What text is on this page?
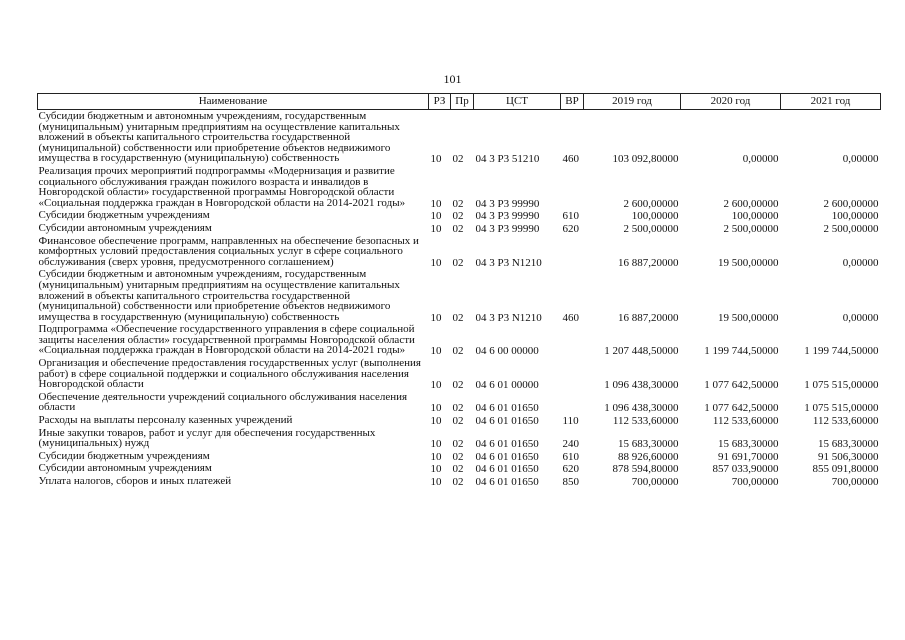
101
Наименование	РЗ	Пр	ЦСТ	ВР	2019 год	2020 год	2021 год
Субсидии бюджетным и автономным учреждениям, государственным (муниципальным) унитарным предприятиям на осуществление капитальных вложений в объекты капитального строительства государственной (муниципальной) собственности или приобретение объектов недвижимого имущества в государственную (муниципальную) собственность	10	02	04 3 Р3 51210	460	103 092,80000	0,00000	0,00000
Реализация прочих мероприятий подпрограммы «Модернизация и развитие социального обслуживания граждан пожилого возраста и инвалидов в Новгородской области» государственной программы Новгородской области «Социальная поддержка граждан в Новгородской области на 2014-2021 годы»	10	02	04 3 Р3 99990		2 600,00000	2 600,00000	2 600,00000
Субсидии бюджетным учреждениям	10	02	04 3 Р3 99990	610	100,00000	100,00000	100,00000
Субсидии автономным учреждениям	10	02	04 3 Р3 99990	620	2 500,00000	2 500,00000	2 500,00000
Финансовое обеспечение программ, направленных на обеспечение безопасных и комфортных условий предоставления социальных услуг в сфере социального обслуживания (сверх уровня, предусмотренного соглашением)	10	02	04 3 Р3 N1210		16 887,20000	19 500,00000	0,00000
Субсидии бюджетным и автономным учреждениям, государственным (муниципальным) унитарным предприятиям на осуществление капитальных вложений в объекты капитального строительства государственной (муниципальной) собственности или приобретение объектов недвижимого имущества в государственную (муниципальную) собственность	10	02	04 3 Р3 N1210	460	16 887,20000	19 500,00000	0,00000
Подпрограмма «Обеспечение государственного управления в сфере социальной защиты населения области» государственной программы Новгородской области «Социальная поддержка граждан в Новгородской области на 2014-2021 годы»	10	02	04 6 00 00000		1 207 448,50000	1 199 744,50000	1 199 744,50000
Организация и обеспечение предоставления государственных услуг (выполнения работ) в сфере социальной поддержки и социального обслуживания населения Новгородской области	10	02	04 6 01 00000		1 096 438,30000	1 077 642,50000	1 075 515,00000
Обеспечение деятельности учреждений социального обслуживания населения области	10	02	04 6 01 01650		1 096 438,30000	1 077 642,50000	1 075 515,00000
Расходы на выплаты персоналу казенных учреждений	10	02	04 6 01 01650	110	112 533,60000	112 533,60000	112 533,60000
Иные закупки товаров, работ и услуг для обеспечения государственных (муниципальных) нужд	10	02	04 6 01 01650	240	15 683,30000	15 683,30000	15 683,30000
Субсидии бюджетным учреждениям	10	02	04 6 01 01650	610	88 926,60000	91 691,70000	91 506,30000
Субсидии автономным учреждениям	10	02	04 6 01 01650	620	878 594,80000	857 033,90000	855 091,80000
Уплата налогов, сборов и иных платежей	10	02	04 6 01 01650	850	700,00000	700,00000	700,00000
